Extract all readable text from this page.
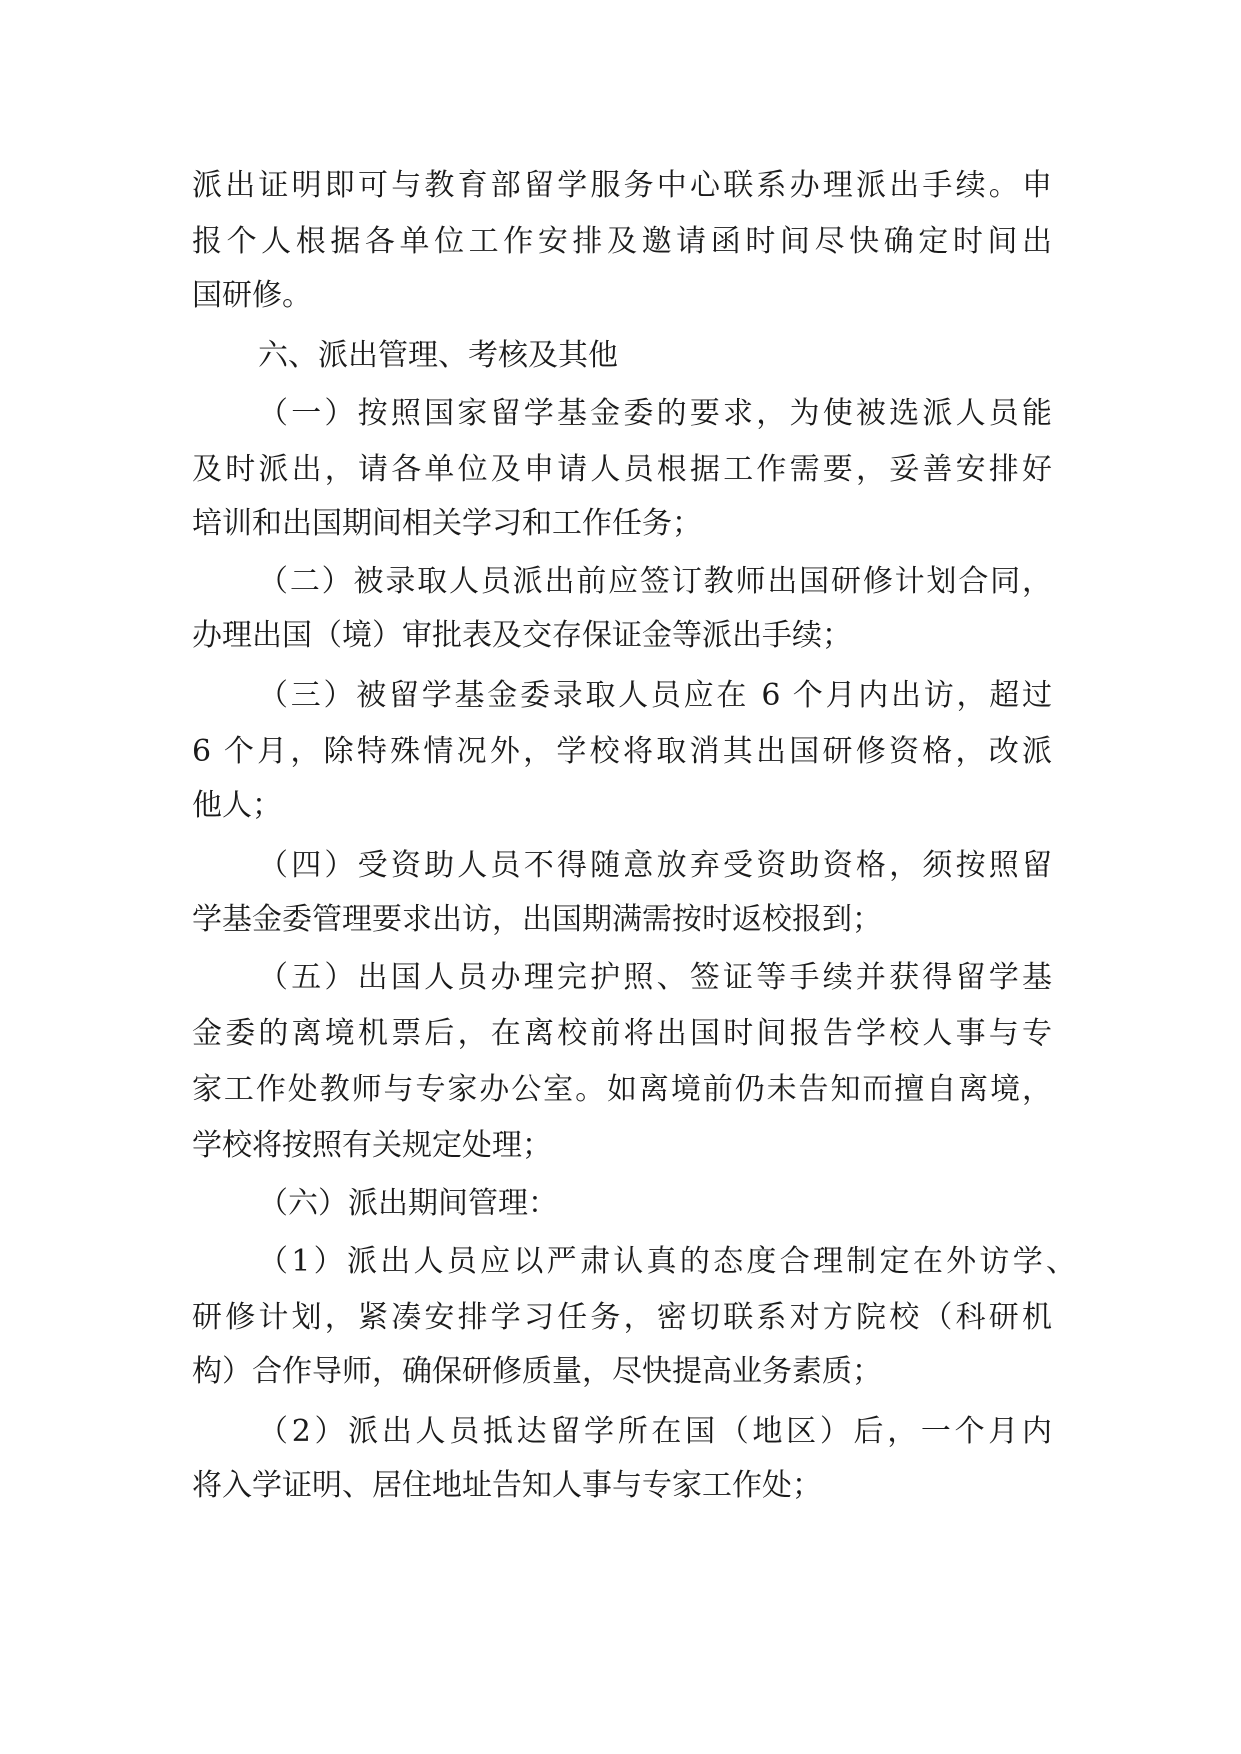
派出证明即可与教育部留学服务中心联系办理派出手续。申
报个人根据各单位工作安排及邀请函时间尽快确定时间出
国研修。
六、派出管理、考核及其他
（一）按照国家留学基金委的要求，为使被选派人员能
及时派出，请各单位及申请人员根据工作需要，妥善安排好
培训和出国期间相关学习和工作任务；
（二）被录取人员派出前应签订教师出国研修计划合同，
办理出国（境）审批表及交存保证金等派出手续；
（三）被留学基金委录取人员应在 6 个月内出访，超过
6 个月，除特殊情况外，学校将取消其出国研修资格，改派
他人；
（四）受资助人员不得随意放弃受资助资格，须按照留
学基金委管理要求出访，出国期满需按时返校报到；
（五）出国人员办理完护照、签证等手续并获得留学基
金委的离境机票后，在离校前将出国时间报告学校人事与专
家工作处教师与专家办公室。如离境前仍未告知而擅自离境，
学校将按照有关规定处理；
（六）派出期间管理：
（1）派出人员应以严肃认真的态度合理制定在外访学、
研修计划，紧凑安排学习任务，密切联系对方院校（科研机
构）合作导师，确保研修质量，尽快提高业务素质；
（2）派出人员抵达留学所在国（地区）后，一个月内
将入学证明、居住地址告知人事与专家工作处；
